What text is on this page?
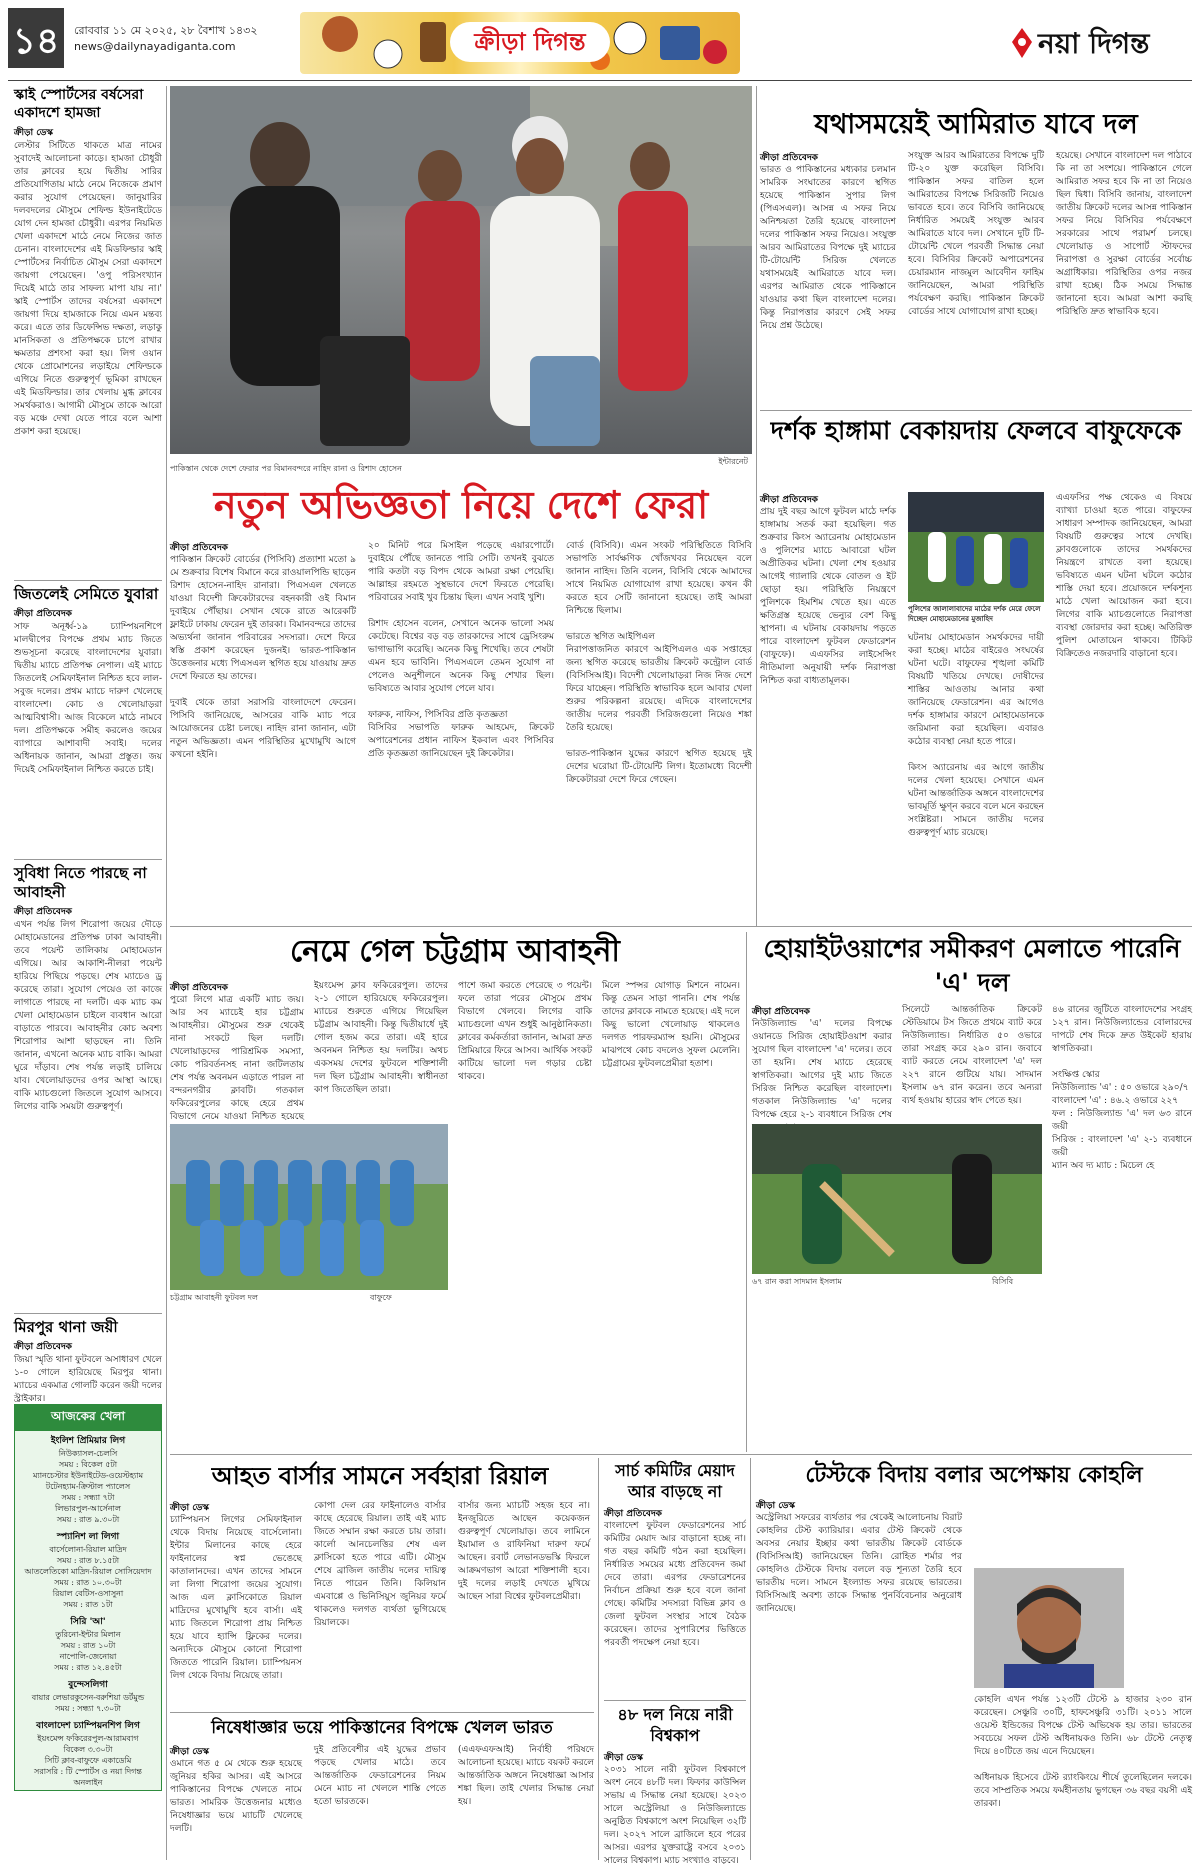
১৪	রোববার ১১ মে ২০২৫, ২৮ বৈশাখ ১৪৩২
news@dailynayadiganta.com	ক্রীড়া দিগন্ত	নয়া দিগন্ত
স্কাই স্পোর্টসের বর্ষসেরা একাদশে হামজা
ক্রীড়া ডেস্ক
লেস্টার সিটিতে থাকতে মাত্র নামের সুবাদেই আলোচনা কাড়ে। হামজা চৌধুরী তার ক্লাবের হয়ে দ্বিতীয় সারির প্রতিযোগিতায় মাঠে নেমে নিজেকে প্রমাণ করার সুযোগ পেয়েছেন। জানুয়ারির দলবদলের মৌসুমে শেফিল্ড ইউনাইটেডে যোগ দেন হামজা চৌধুরী। এরপর নিয়মিত খেলা একাদশে মাঠে নেমে নিজের জাত চেনান। বাংলাদেশের এই মিডফিল্ডার স্কাই স্পোর্টসের নির্বাচিত মৌসুম সেরা একাদশে জায়গা পেয়েছেন। 'ওপু পরিসংখ্যান দিয়েই মাঠে তার সাফল্য মাপা যায় না।' স্কাই স্পোর্টস তাদের বর্ষসেরা একাদশে জায়গা দিয়ে হামজাকে নিয়ে এমন মন্তব্য করে। এতে তার ডিফেন্সিভ দক্ষতা, লড়াকু মানসিকতা ও প্রতিপক্ষকে চাপে রাখার ক্ষমতার প্রশংসা করা হয়। লিগ ওয়ান থেকে প্রোমোশনের লড়াইয়ে শেফিল্ডকে এগিয়ে নিতে গুরুত্বপূর্ণ ভূমিকা রাখছেন এই মিডফিল্ডার। তার খেলায় মুগ্ধ ক্লাবের সমর্থকরাও। আগামী মৌসুমে তাকে আরো বড় মঞ্চে দেখা যেতে পারে বলে আশা প্রকাশ করা হয়েছে।
জিতলেই সেমিতে যুবারা
ক্রীড়া প্রতিবেদক
সাফ অনূর্ধ্ব-১৯ চ্যাম্পিয়নশিপে মালদ্বীপের বিপক্ষে প্রথম ম্যাচ জিতে শুভসূচনা করেছে বাংলাদেশের যুবারা। দ্বিতীয় ম্যাচে প্রতিপক্ষ নেপাল। এই ম্যাচে জিতলেই সেমিফাইনাল নিশ্চিত হবে লাল-সবুজ দলের। প্রথম ম্যাচে দারুণ খেলেছে বাংলাদেশ। কোচ ও খেলোয়াড়রা আত্মবিশ্বাসী। আজ বিকেলে মাঠে নামবে দল। প্রতিপক্ষকে সমীহ করলেও জয়ের ব্যাপারে আশাবাদী সবাই। দলের অধিনায়ক জানান, আমরা প্রস্তুত। জয় দিয়েই সেমিফাইনাল নিশ্চিত করতে চাই।
সুবিধা নিতে পারছে না আবাহনী
ক্রীড়া প্রতিবেদক
এখন পর্যন্ত লিগ শিরোপা জয়ের দৌড়ে মোহামেডানের প্রতিপক্ষ ঢাকা আবাহনী। তবে পয়েন্ট তালিকায় মোহামেডান এগিয়ে। আর আকাশি-নীলরা পয়েন্ট হারিয়ে পিছিয়ে পড়ছে। শেষ ম্যাচেও ড্র করেছে তারা। সুযোগ পেয়েও তা কাজে লাগাতে পারছে না দলটি। এক ম্যাচ কম খেলা মোহামেডান চাইলে ব্যবধান আরো বাড়াতে পারবে। আবাহনীর কোচ অবশ্য শিরোপার আশা ছাড়ছেন না। তিনি জানান, এখনো অনেক ম্যাচ বাকি। আমরা ঘুরে দাঁড়াব। শেষ পর্যন্ত লড়াই চালিয়ে যাব। খেলোয়াড়দের ওপর আস্থা আছে। বাকি ম্যাচগুলো জিতলে সুযোগ আসবে। লিগের বাকি সময়টা গুরুত্বপূর্ণ।
মিরপুর থানা জয়ী
ক্রীড়া প্রতিবেদক
জিয়া স্মৃতি থানা ফুটবলে অসাধারণ খেলে ১-০ গোলে হারিয়েছে মিরপুর থানা। ম্যাচের একমাত্র গোলটি করেন জয়ী দলের স্ট্রাইকার।
আজকের খেলা
ইংলিশ প্রিমিয়ার লিগ
নিউক্যাসল-চেলসি
সময় : বিকেল ৫টা
ম্যানচেস্টার ইউনাইটেড-ওয়েস্টহ্যাম
টটেনহ্যাম-ক্রিস্টাল প্যালেস
সময় : সন্ধ্যা ৭টা
লিভারপুল-আর্সেনাল
সময় : রাত ৯.৩০টা
স্প্যানিশ লা লিগা
বার্সেলোনা-রিয়াল মাদ্রিদ
সময় : রাত ৮.১৫টা
আতলেতিকো মাদ্রিদ-রিয়াল সোসিয়েদাদ
সময় : রাত ১০.৩০টা
রিয়াল বেটিস-ওসাসুনা
সময় : রাত ১টা
সিরি 'আ'
তুরিনো-ইন্টার মিলান
সময় : রাত ১০টা
নাপোলি-জেনোয়া
সময় : রাত ১২.৪৫টা
বুন্দেসলিগা
বায়ার লেভারকুসেন-বরুশিয়া ডর্টমুন্ড
সময় : সন্ধ্যা ৭.৩০টা
বাংলাদেশ চ্যাম্পিয়নশিপ লিগ
ইয়ংমেন্স ফকিরেরপুল-আরামবাগ
বিকেল ৩.৩০টা
সিটি ক্লাব-বাফুফে একাডেমি
সরাসরি : টি স্পোর্টস ও নয়া দিগন্ত অনলাইন
পাকিস্তান থেকে দেশে ফেরার পর বিমানবন্দরে নাহিদ রানা ও রিশাদ হোসেন
ইন্টারনেট
নতুন অভিজ্ঞতা নিয়ে দেশে ফেরা
ক্রীড়া প্রতিবেদক
পাকিস্তান ক্রিকেট বোর্ডের (পিসিবি) প্রত্যাশা মতো ৯ মে শুক্রবার বিশেষ বিমানে করে রাওয়ালপিন্ডি ছাড়েন রিশাদ হোসেন-নাহিদ রানারা। পিএসএল খেলতে যাওয়া বিদেশী ক্রিকেটারদের বহনকারী ওই বিমান দুবাইয়ে পৌঁছায়। সেখান থেকে রাতে আরেকটি ফ্লাইটে ঢাকায় ফেরেন দুই তারকা। বিমানবন্দরে তাদের অভ্যর্থনা জানান পরিবারের সদস্যরা। দেশে ফিরে স্বস্তি প্রকাশ করেছেন দুজনই। ভারত-পাকিস্তান উত্তেজনার মধ্যে পিএসএল স্থগিত হয়ে যাওয়ায় দ্রুত দেশে ফিরতে হয় তাদের।

দুবাই থেকে তারা সরাসরি বাংলাদেশে ফেরেন। পিসিবি জানিয়েছে, আসরের বাকি ম্যাচ পরে আয়োজনের চেষ্টা চলছে। নাহিদ রানা জানান, এটা নতুন অভিজ্ঞতা। এমন পরিস্থিতির মুখোমুখি আগে কখনো হইনি।
২০ মিনিট পরে মিসাইল পড়েছে এয়ারপোর্টে। দুবাইয়ে পৌঁছে জানতে পারি সেটি। তখনই বুঝতে পারি কতটা বড় বিপদ থেকে আমরা রক্ষা পেয়েছি। আল্লাহর রহমতে সুস্থভাবে দেশে ফিরতে পেরেছি। পরিবারের সবাই খুব চিন্তায় ছিল। এখন সবাই খুশি।

রিশাদ হোসেন বলেন, সেখানে অনেক ভালো সময় কেটেছে। বিশ্বের বড় বড় তারকাদের সাথে ড্রেসিংরুম ভাগাভাগি করেছি। অনেক কিছু শিখেছি। তবে শেষটা এমন হবে ভাবিনি। পিএসএলে তেমন সুযোগ না পেলেও অনুশীলনে অনেক কিছু শেখার ছিল। ভবিষ্যতে আবার সুযোগ পেলে যাব।

ফারুক, নাফিস, পিসিবির প্রতি কৃতজ্ঞতা
বিসিবির সভাপতি ফারুক আহমেদ, ক্রিকেট অপারেশনের প্রধান নাফিস ইকবাল এবং পিসিবির প্রতি কৃতজ্ঞতা জানিয়েছেন দুই ক্রিকেটার।
বোর্ড (বিসিবি)। এমন সংকট পরিস্থিতিতে বিসিবি সভাপতি সার্বক্ষণিক খোঁজখবর নিয়েছেন বলে জানান নাহিদ। তিনি বলেন, বিসিবি থেকে আমাদের সাথে নিয়মিত যোগাযোগ রাখা হয়েছে। কখন কী করতে হবে সেটি জানানো হয়েছে। তাই আমরা নিশ্চিন্তে ছিলাম।

ভারতে স্থগিত আইপিএল
নিরাপত্তাজনিত কারণে আইপিএলও এক সপ্তাহের জন্য স্থগিত করেছে ভারতীয় ক্রিকেট কন্ট্রোল বোর্ড (বিসিসিআই)। বিদেশী খেলোয়াড়রা নিজ নিজ দেশে ফিরে যাচ্ছেন। পরিস্থিতি স্বাভাবিক হলে আবার খেলা শুরুর পরিকল্পনা রয়েছে। এদিকে বাংলাদেশের জাতীয় দলের পরবর্তী সিরিজগুলো নিয়েও শঙ্কা তৈরি হয়েছে।

ভারত-পাকিস্তান যুদ্ধের কারণে স্থগিত হয়েছে দুই দেশের ঘরোয়া টি-টোয়েন্টি লিগ। ইতোমধ্যে বিদেশী ক্রিকেটাররা দেশে ফিরে গেছেন।
যথাসময়েই আমিরাত যাবে দল
ক্রীড়া প্রতিবেদক
ভারত ও পাকিস্তানের মধ্যকার চলমান সামরিক সংঘাতের কারণে স্থগিত হয়েছে পাকিস্তান সুপার লিগ (পিএসএল)। আসন্ন এ সফর নিয়ে অনিশ্চয়তা তৈরি হয়েছে বাংলাদেশ দলের পাকিস্তান সফর নিয়েও। সংযুক্ত আরব আমিরাতের বিপক্ষে দুই ম্যাচের টি-টোয়েন্টি সিরিজ খেলতে যথাসময়েই আমিরাতে যাবে দল। এরপর আমিরাত থেকে পাকিস্তানে যাওয়ার কথা ছিল বাংলাদেশ দলের। কিন্তু নিরাপত্তার কারণে সেই সফর নিয়ে প্রশ্ন উঠেছে।
সংযুক্ত আরব আমিরাতের বিপক্ষে দুটি টি-২০ যুক্ত করেছিল বিসিবি। পাকিস্তান সফর বাতিল হলে আমিরাতের বিপক্ষে সিরিজটি নিয়েও ভাবতে হবে। তবে বিসিবি জানিয়েছে নির্ধারিত সময়েই সংযুক্ত আরব আমিরাতে যাবে দল। সেখানে দুটি টি-টোয়েন্টি খেলে পরবর্তী সিদ্ধান্ত নেয়া হবে। বিসিবির ক্রিকেট অপারেশনের চেয়ারম্যান নাজমুল আবেদীন ফাহিম জানিয়েছেন, আমরা পরিস্থিতি পর্যবেক্ষণ করছি। পাকিস্তান ক্রিকেট বোর্ডের সাথে যোগাযোগ রাখা হচ্ছে।
হয়েছে। সেখানে বাংলাদেশ দল পাঠাবে কি না তা সংশয়ে। পাকিস্তানে গেলে আমিরাত সফর হবে কি না তা নিয়েও ছিল দ্বিধা। বিসিবি জানায়, বাংলাদেশ জাতীয় ক্রিকেট দলের আসন্ন পাকিস্তান সফর নিয়ে বিসিবির পর্যবেক্ষণে সরকারের সাথে পরামর্শ চলছে। খেলোয়াড় ও সাপোর্ট স্টাফদের নিরাপত্তা ও সুরক্ষা বোর্ডের সর্বোচ্চ অগ্রাধিকার। পরিস্থিতির ওপর নজর রাখা হচ্ছে। ঠিক সময়ে সিদ্ধান্ত জানানো হবে। আমরা আশা করছি পরিস্থিতি দ্রুত স্বাভাবিক হবে।
দর্শক হাঙ্গামা বেকায়দায় ফেলবে বাফুফেকে
ক্রীড়া প্রতিবেদক
প্রায় দুই বছর আগে ফুটবল মাঠে দর্শক হাঙ্গামায় সতর্ক করা হয়েছিল। গত শুক্রবার কিংস অ্যারেনায় মোহামেডান ও পুলিশের ম্যাচে আবারো ঘটল অপ্রীতিকর ঘটনা। খেলা শেষ হওয়ার আগেই গ্যালারি থেকে বোতল ও ইট ছোড়া হয়। পরিস্থিতি নিয়ন্ত্রণে পুলিশকে হিমশিম খেতে হয়। এতে ক্ষতিগ্রস্ত হয়েছে ভেন্যুর বেশ কিছু স্থাপনা। এ ঘটনায় বেকায়দায় পড়তে পারে বাংলাদেশ ফুটবল ফেডারেশন (বাফুফে)। এএফসির লাইসেন্সিং নীতিমালা অনুযায়ী দর্শক নিরাপত্তা নিশ্চিত করা বাধ্যতামূলক।
পুলিশের জালালাবাদের মাঠের দর্শক মেরে ফেলে দিচ্ছেন মোহামেডানের মুজাহিদ
ঘটনায় মোহামেডান সমর্থকদের দায়ী করা হচ্ছে। মাঠের বাইরেও সংঘর্ষের ঘটনা ঘটে। বাফুফের শৃঙ্খলা কমিটি বিষয়টি খতিয়ে দেখছে। দোষীদের শাস্তির আওতায় আনার কথা জানিয়েছে ফেডারেশন। এর আগেও দর্শক হাঙ্গামার কারণে মোহামেডানকে জরিমানা করা হয়েছিল। এবারও কঠোর ব্যবস্থা নেয়া হতে পারে।

কিংস অ্যারেনায় এর আগে জাতীয় দলের খেলা হয়েছে। সেখানে এমন ঘটনা আন্তর্জাতিক অঙ্গনে বাংলাদেশের ভাবমূর্তি ক্ষুণ্ন করবে বলে মনে করছেন সংশ্লিষ্টরা। সামনে জাতীয় দলের গুরুত্বপূর্ণ ম্যাচ রয়েছে।
এএফসির পক্ষ থেকেও এ বিষয়ে ব্যাখ্যা চাওয়া হতে পারে। বাফুফের সাধারণ সম্পাদক জানিয়েছেন, আমরা বিষয়টি গুরুত্বের সাথে দেখছি। ক্লাবগুলোকে তাদের সমর্থকদের নিয়ন্ত্রণে রাখতে বলা হয়েছে। ভবিষ্যতে এমন ঘটনা ঘটলে কঠোর শাস্তি দেয়া হবে। প্রয়োজনে দর্শকশূন্য মাঠে খেলা আয়োজন করা হবে। লিগের বাকি ম্যাচগুলোতে নিরাপত্তা ব্যবস্থা জোরদার করা হচ্ছে। অতিরিক্ত পুলিশ মোতায়েন থাকবে। টিকিট বিক্রিতেও নজরদারি বাড়ানো হবে।
নেমে গেল চট্টগ্রাম আবাহনী
ক্রীড়া প্রতিবেদক
পুরো লিগে মাত্র একটি ম্যাচ জয়। আর সব ম্যাচেই হার চট্টগ্রাম আবাহনীর। মৌসুমের শুরু থেকেই নানা সংকটে ছিল দলটি। খেলোয়াড়দের পারিশ্রমিক সমস্যা, কোচ পরিবর্তনসহ নানা জটিলতায় শেষ পর্যন্ত অবনমন এড়াতে পারল না বন্দরনগরীর ক্লাবটি। গতকাল ফকিরেরপুলের কাছে হেরে প্রথম বিভাগে নেমে যাওয়া নিশ্চিত হয়েছে
ইয়ংমেন্স ক্লাব ফকিরেরপুল। তাদের ২-১ গোলে হারিয়েছে ফকিরেরপুল। ম্যাচের শুরুতে এগিয়ে গিয়েছিল চট্টগ্রাম আবাহনী। কিন্তু দ্বিতীয়ার্ধে দুই গোল হজম করে তারা। এই হারে অবনমন নিশ্চিত হয় দলটির। অথচ একসময় দেশের ফুটবলে শক্তিশালী দল ছিল চট্টগ্রাম আবাহনী। স্বাধীনতা কাপ জিতেছিল তারা।
পাশে জমা করতে পেরেছে ৩ পয়েন্ট। ফলে তারা পরের মৌসুমে প্রথম বিভাগে খেলবে। লিগের বাকি ম্যাচগুলো এখন শুধুই আনুষ্ঠানিকতা। ক্লাবের কর্মকর্তারা জানান, আমরা দ্রুত প্রিমিয়ারে ফিরে আসব। আর্থিক সংকট কাটিয়ে ভালো দল গড়ার চেষ্টা থাকবে।
মিলে স্পন্সর যোগাড় মিশনে নামেন। কিন্তু তেমন সাড়া পাননি। শেষ পর্যন্ত তাদের ক্লাবকে নামতে হয়েছে। এই দলে কিছু ভালো খেলোয়াড় থাকলেও দলগত পারফরম্যান্স হয়নি। মৌসুমের মাঝপথে কোচ বদলেও সুফল মেলেনি। চট্টগ্রামের ফুটবলপ্রেমীরা হতাশ।
চট্টগ্রাম আবাহনী ফুটবল দল	বাফুফে
হোয়াইটওয়াশের সমীকরণ মেলাতে পারেনি 'এ' দল
ক্রীড়া প্রতিবেদক
নিউজিল্যান্ড 'এ' দলের বিপক্ষে ওয়ানডে সিরিজ হোয়াইটওয়াশ করার সুযোগ ছিল বাংলাদেশ 'এ' দলের। তবে তা হয়নি। শেষ ম্যাচে হেরেছে স্বাগতিকরা। আগের দুই ম্যাচ জিতে সিরিজ নিশ্চিত করেছিল বাংলাদেশ। গতকাল নিউজিল্যান্ড 'এ' দলের বিপক্ষে হেরে ২-১ ব্যবধানে সিরিজ শেষ
সিলেটে আন্তর্জাতিক ক্রিকেট স্টেডিয়ামে টস জিতে প্রথমে ব্যাট করে নিউজিল্যান্ড। নির্ধারিত ৫০ ওভারে তারা সংগ্রহ করে ২৯০ রান। জবাবে ব্যাট করতে নেমে বাংলাদেশ 'এ' দল ২২৭ রানে গুটিয়ে যায়। সাদমান ইসলাম ৬৭ রান করেন। তবে অন্যরা ব্যর্থ হওয়ায় হারের স্বাদ পেতে হয়।
৪৬ রানের জুটিতে বাংলাদেশের সংগ্রহ ১২৭ রান। নিউজিল্যান্ডের বোলারদের দাপটে শেষ দিকে দ্রুত উইকেট হারায় স্বাগতিকরা।

সংক্ষিপ্ত স্কোর
নিউজিল্যান্ড 'এ' : ৫০ ওভারে ২৯০/৭
বাংলাদেশ 'এ' : ৪৬.২ ওভারে ২২৭
ফল : নিউজিল্যান্ড 'এ' দল ৬৩ রানে জয়ী
সিরিজ : বাংলাদেশ 'এ' ২-১ ব্যবধানে জয়ী
ম্যান অব দ্য ম্যাচ : মিচেল হে
৬৭ রান করা সাদমান ইসলাম	বিসিবি
আহত বার্সার সামনে সর্বহারা রিয়াল
ক্রীড়া ডেস্ক
চ্যাম্পিয়নস লিগের সেমিফাইনাল থেকে বিদায় নিয়েছে বার্সেলোনা। ইন্টার মিলানের কাছে হেরে ফাইনালের স্বপ্ন ভেঙেছে কাতালানদের। এখন তাদের সামনে লা লিগা শিরোপা জয়ের সুযোগ। আজ এল ক্লাসিকোতে রিয়াল মাদ্রিদের মুখোমুখি হবে বার্সা। এই ম্যাচ জিতলে শিরোপা প্রায় নিশ্চিত হয়ে যাবে হ্যান্সি ফ্লিকের দলের। অন্যদিকে মৌসুমে কোনো শিরোপা জিততে পারেনি রিয়াল। চ্যাম্পিয়নস লিগ থেকে বিদায় নিয়েছে তারা।
কোপা দেল রের ফাইনালেও বার্সার কাছে হেরেছে রিয়াল। তাই এই ম্যাচ জিতে সম্মান রক্ষা করতে চায় তারা। কার্লো আনচেলত্তির শেষ এল ক্লাসিকো হতে পারে এটি। মৌসুম শেষে ব্রাজিল জাতীয় দলের দায়িত্ব নিতে পারেন তিনি। কিলিয়ান এমবাপ্পে ও ভিনিসিয়ুস জুনিয়র ফর্মে থাকলেও দলগত ব্যর্থতা ভুগিয়েছে রিয়ালকে।
বার্সার জন্য ম্যাচটি সহজ হবে না। ইনজুরিতে আছেন কয়েকজন গুরুত্বপূর্ণ খেলোয়াড়। তবে লামিনে ইয়ামাল ও রাফিনিয়া দারুণ ফর্মে আছেন। রবার্ট লেভানডভস্কি ফিরলে আক্রমণভাগ আরো শক্তিশালী হবে। দুই দলের লড়াই দেখতে মুখিয়ে আছেন সারা বিশ্বের ফুটবলপ্রেমীরা।
নিষেধাজ্ঞার ভয়ে পাকিস্তানের বিপক্ষে খেলল ভারত
ক্রীড়া ডেস্ক
ওমানে গত ৫ মে থেকে শুরু হয়েছে জুনিয়র হকির আসর। এই আসরে পাকিস্তানের বিপক্ষে খেলতে নামে ভারত। সামরিক উত্তেজনার মধ্যেও নিষেধাজ্ঞার ভয়ে ম্যাচটি খেলেছে দলটি।
দুই প্রতিবেশীর এই যুদ্ধের প্রভাব পড়ছে খেলার মাঠে। তবে আন্তর্জাতিক ফেডারেশনের নিয়ম মেনে ম্যাচ না খেললে শাস্তি পেতে হতো ভারতকে।
(এএফএফআই) নির্বাহী পরিষদে আলোচনা হয়েছে। ম্যাচে বয়কট করলে আন্তর্জাতিক অঙ্গনে নিষেধাজ্ঞা আসার শঙ্কা ছিল। তাই খেলার সিদ্ধান্ত নেয়া হয়।
সার্চ কমিটির মেয়াদ আর বাড়ছে না
ক্রীড়া প্রতিবেদক
বাংলাদেশ ফুটবল ফেডারেশনের সার্চ কমিটির মেয়াদ আর বাড়ানো হচ্ছে না। গত বছর কমিটি গঠন করা হয়েছিল। নির্ধারিত সময়ের মধ্যে প্রতিবেদন জমা দেবে তারা। এরপর ফেডারেশনের নির্বাচন প্রক্রিয়া শুরু হবে বলে জানা গেছে। কমিটির সদস্যরা বিভিন্ন ক্লাব ও জেলা ফুটবল সংস্থার সাথে বৈঠক করেছেন। তাদের সুপারিশের ভিত্তিতে পরবর্তী পদক্ষেপ নেয়া হবে।
৪৮ দল নিয়ে নারী বিশ্বকাপ
ক্রীড়া ডেস্ক
২০৩১ সালে নারী ফুটবল বিশ্বকাপে অংশ নেবে ৪৮টি দল। ফিফার কাউন্সিল সভায় এ সিদ্ধান্ত নেয়া হয়েছে। ২০২৩ সালে অস্ট্রেলিয়া ও নিউজিল্যান্ডে অনুষ্ঠিত বিশ্বকাপে অংশ নিয়েছিল ৩২টি দল। ২০২৭ সালে ব্রাজিলে হবে পরের আসর। এরপর যুক্তরাষ্ট্রে বসবে ২০৩১ সালের বিশ্বকাপ। ম্যাচ সংখ্যাও বাড়বে।
টেস্টকে বিদায় বলার অপেক্ষায় কোহলি
ক্রীড়া ডেস্ক
অস্ট্রেলিয়া সফরের ব্যর্থতার পর থেকেই আলোচনায় বিরাট কোহলির টেস্ট ক্যারিয়ার। এবার টেস্ট ক্রিকেট থেকে অবসর নেয়ার ইচ্ছার কথা ভারতীয় ক্রিকেট বোর্ডকে (বিসিসিআই) জানিয়েছেন তিনি। রোহিত শর্মার পর কোহলিও টেস্টকে বিদায় বললে বড় শূন্যতা তৈরি হবে ভারতীয় দলে। সামনে ইংল্যান্ড সফর রয়েছে ভারতের। বিসিসিআই অবশ্য তাকে সিদ্ধান্ত পুনর্বিবেচনার অনুরোধ জানিয়েছে।
কোহলি এখন পর্যন্ত ১২৩টি টেস্টে ৯ হাজার ২৩০ রান করেছেন। সেঞ্চুরি ৩০টি, হাফসেঞ্চুরি ৩১টি। ২০১১ সালে ওয়েস্ট ইন্ডিজের বিপক্ষে টেস্ট অভিষেক হয় তার। ভারতের সবচেয়ে সফল টেস্ট অধিনায়কও তিনি। ৬৮ টেস্টে নেতৃত্ব দিয়ে ৪০টিতে জয় এনে দিয়েছেন।

অধিনায়ক হিসেবে টেস্ট র‍্যাংকিংয়ে শীর্ষে তুলেছিলেন দলকে। তবে সাম্প্রতিক সময়ে ফর্মহীনতায় ভুগছেন ৩৬ বছর বয়সী এই তারকা।
